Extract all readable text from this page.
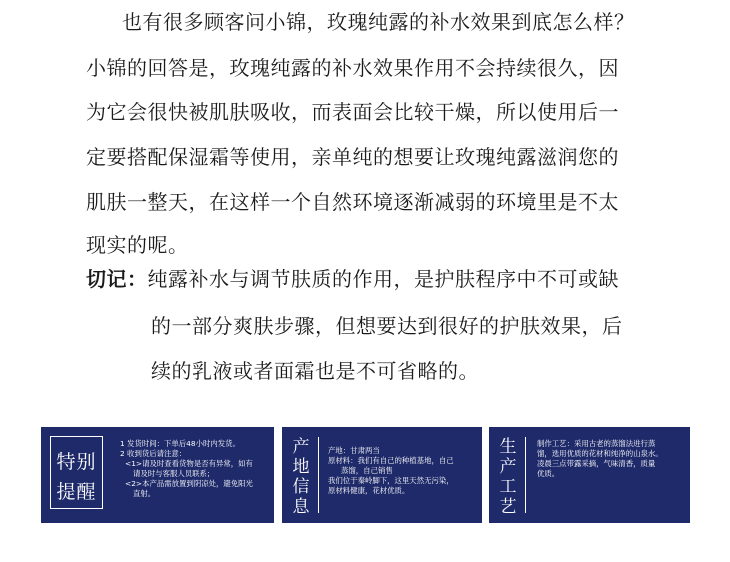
也有很多顾客问小锦，玫瑰纯露的补水效果到底怎么样？
小锦的回答是，玫瑰纯露的补水效果作用不会持续很久，因
为它会很快被肌肤吸收，而表面会比较干燥，所以使用后一
定要搭配保湿霜等使用，亲单纯的想要让玫瑰纯露滋润您的
肌肤一整天，在这样一个自然环境逐渐减弱的环境里是不太
现实的呢。
切记：纯露补水与调节肤质的作用，是护肤程序中不可或缺
的一部分爽肤步骤，但想要达到很好的护肤效果，后
续的乳液或者面霜也是不可省略的。
特别
提醒
1 发货时间：下单后48小时内发货。
2 收到货后请注意：
<1>请及时查看货物是否有异常，如有
请及时与客服人员联系；
<2>本产品需放置到阴凉处，避免阳光
直射。
产
地
信
息
产地：甘肃两当
原材料：我们有自己的种植基地，自己
蒸馏，自己销售
我们位于秦岭脚下，这里天然无污染，
原材料健康，花材优质。
生
产
工
艺
制作工艺：采用古老的蒸馏法进行蒸
馏，选用优质的花材和纯净的山泉水。
凌晨三点带露采摘，气味清香，质量
优质。
